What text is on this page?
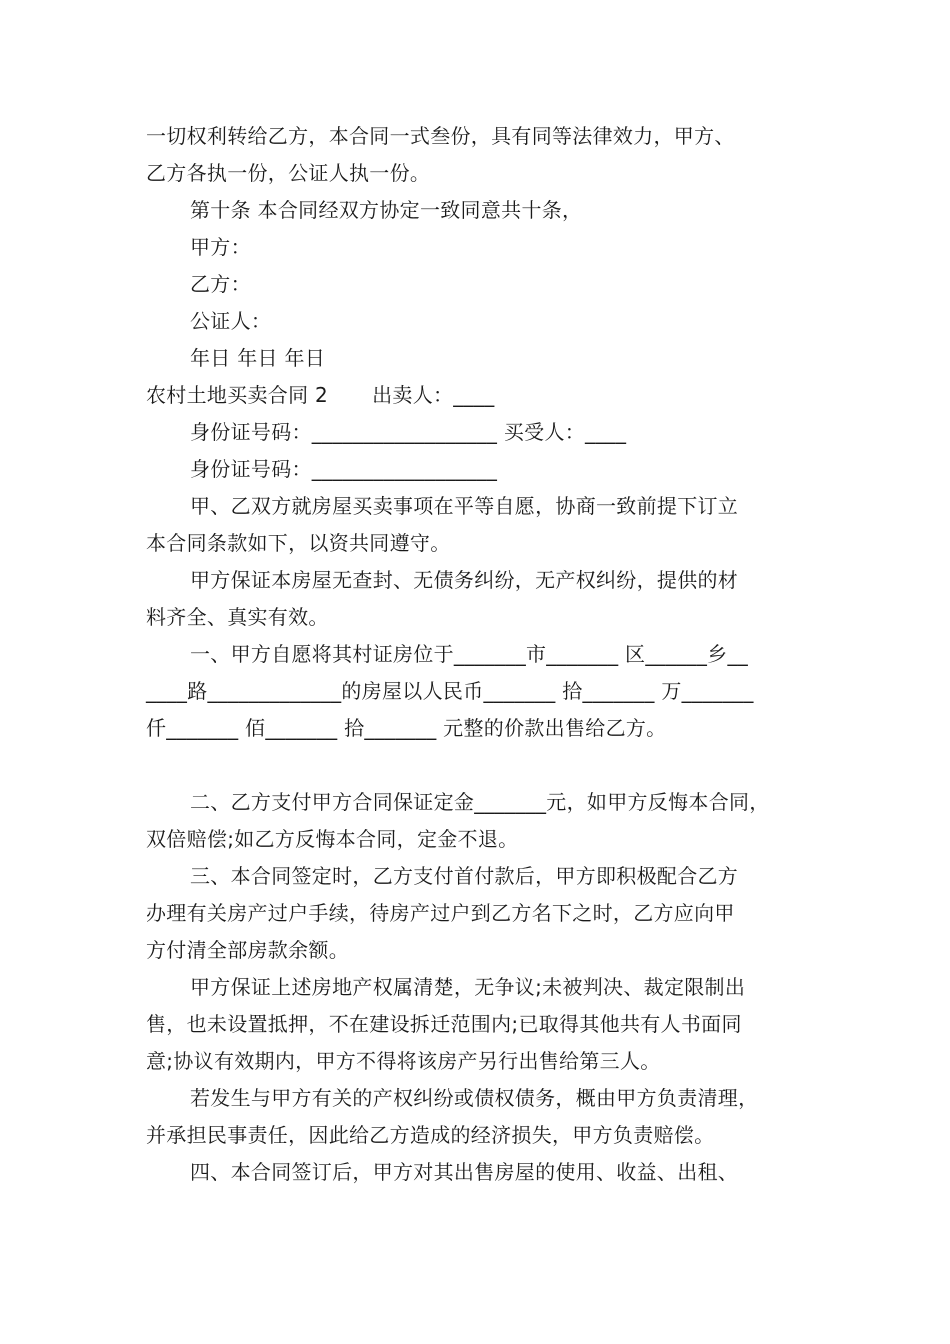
一切权利转给乙方，本合同一式叁份，具有同等法律效力，甲方、
乙方各执一份，公证人执一份。
第十条 本合同经双方协定一致同意共十条，
甲方：
乙方：
公证人：
年日 年日 年日
农村土地买卖合同 2 出卖人：____
身份证号码：__________________ 买受人：____
身份证号码：__________________
甲、乙双方就房屋买卖事项在平等自愿，协商一致前提下订立
本合同条款如下，以资共同遵守。
甲方保证本房屋无查封、无债务纠纷，无产权纠纷，提供的材
料齐全、真实有效。
一、甲方自愿将其村证房位于_______市_______ 区______乡__
____路_____________的房屋以人民币_______ 拾_______ 万_______
仟_______ 佰_______ 拾_______ 元整的价款出售给乙方。
二、乙方支付甲方合同保证定金_______元，如甲方反悔本合同，
双倍赔偿;如乙方反悔本合同，定金不退。
三、本合同签定时，乙方支付首付款后，甲方即积极配合乙方
办理有关房产过户手续，待房产过户到乙方名下之时，乙方应向甲
方付清全部房款余额。
甲方保证上述房地产权属清楚，无争议;未被判决、裁定限制出
售，也未设置抵押，不在建设拆迁范围内;已取得其他共有人书面同
意;协议有效期内，甲方不得将该房产另行出售给第三人。
若发生与甲方有关的产权纠纷或债权债务，概由甲方负责清理，
并承担民事责任，因此给乙方造成的经济损失，甲方负责赔偿。
四、本合同签订后，甲方对其出售房屋的使用、收益、出租、
